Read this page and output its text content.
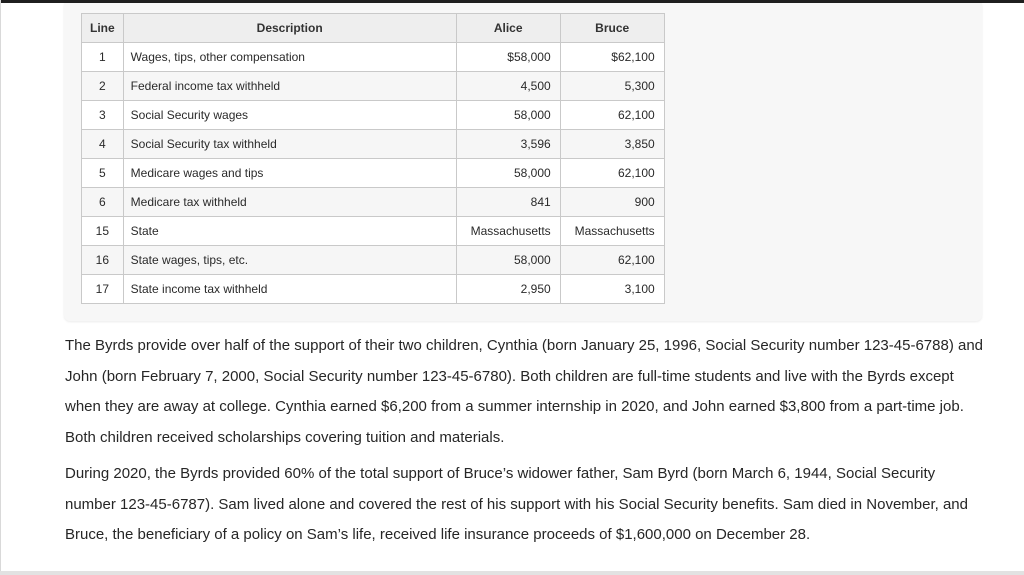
Line	Description	Alice	Bruce
1	Wages, tips, other compensation	$58,000	$62,100
2	Federal income tax withheld	4,500	5,300
3	Social Security wages	58,000	62,100
4	Social Security tax withheld	3,596	3,850
5	Medicare wages and tips	58,000	62,100
6	Medicare tax withheld	841	900
15	State	Massachusetts	Massachusetts
16	State wages, tips, etc.	58,000	62,100
17	State income tax withheld	2,950	3,100

The Byrds provide over half of the support of their two children, Cynthia (born January 25, 1996, Social Security number 123-45-6788) and John (born February 7, 2000, Social Security number 123-45-6780). Both children are full-time students and live with the Byrds except when they are away at college. Cynthia earned $6,200 from a summer internship in 2020, and John earned $3,800 from a part-time job. Both children received scholarships covering tuition and materials.

During 2020, the Byrds provided 60% of the total support of Bruce’s widower father, Sam Byrd (born March 6, 1944, Social Security number 123-45-6787). Sam lived alone and covered the rest of his support with his Social Security benefits. Sam died in November, and Bruce, the beneficiary of a policy on Sam’s life, received life insurance proceeds of $1,600,000 on December 28.
